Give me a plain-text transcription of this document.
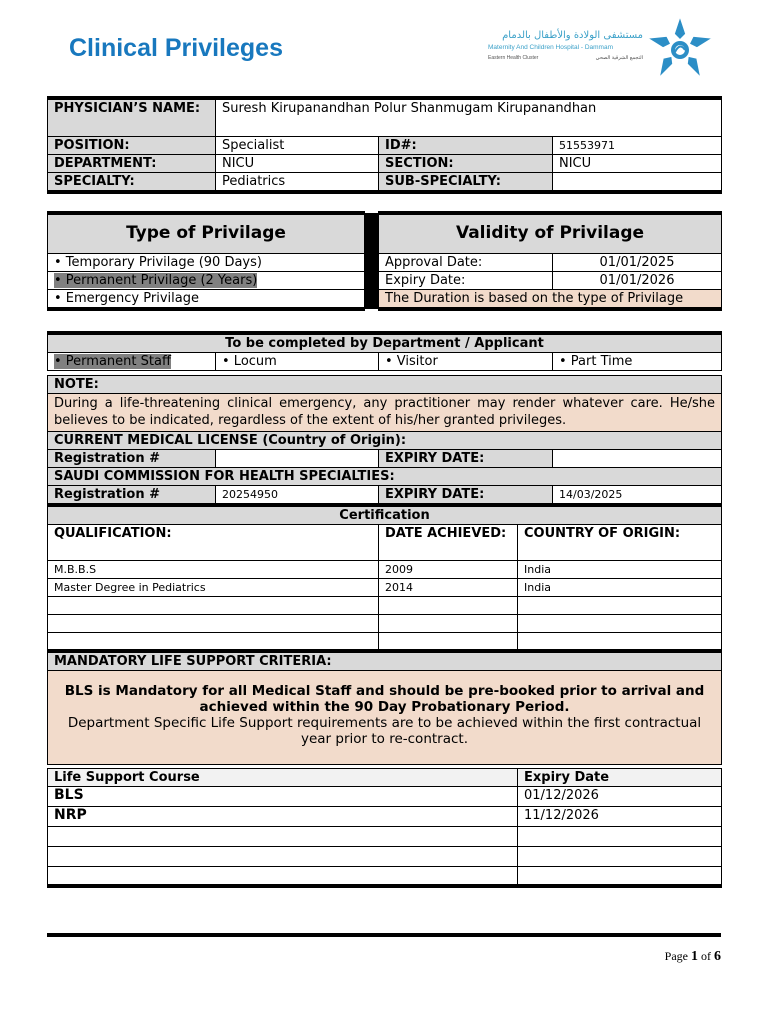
Clinical Privileges	مستشفى الولادة والأطفال بالدمام
Maternity And Children Hospital - Dammam
Eastern Health Cluster	التجمع الشرقية الصحي
PHYSICIAN’S NAME:	Suresh Kirupanandhan Polur Shanmugam Kirupanandhan		
POSITION:	Specialist	ID#:	51553971
DEPARTMENT:	NICU	SECTION:	NICU
SPECIALTY:	Pediatrics	SUB-SPECIALTY:	
Type of Privilage		Validity of Privilage	
• Temporary Privilage (90 Days)		Approval Date:	01/01/2025
• Permanent Privilage (2 Years)		Expiry Date:	01/01/2026
• Emergency Privilage		The Duration is based on the type of Privilage	
To be completed by Department / Applicant				
• Permanent Staff	• Locum	• Visitor		• Part Time

NOTE:				
During a life-threatening clinical emergency, any practitioner may render whatever care. He/she believes to be indicated, regardless of the extent of his/her granted privileges.				
CURRENT MEDICAL LICENSE (Country of Origin):				
Registration #		EXPIRY DATE:		
SAUDI COMMISSION FOR HEALTH SPECIALTIES:				
Registration #	20254950	EXPIRY DATE:		14/03/2025
Certification				
QUALIFICATION:		DATE ACHIEVED:	COUNTRY OF ORIGIN:	
M.B.B.S		2009	India	
Master Degree in Pediatrics		2014	India	

MANDATORY LIFE SUPPORT CRITERIA:				

BLS is Mandatory for all Medical Staff and should be pre-booked prior to arrival and achieved within the 90 Day Probationary Period.
Department Specific Life Support requirements are to be achieved within the first contractual year prior to re-contract.				

Life Support Course			Expiry Date	
BLS			01/12/2026	
NRP			11/12/2026	

Page 1 of 6
